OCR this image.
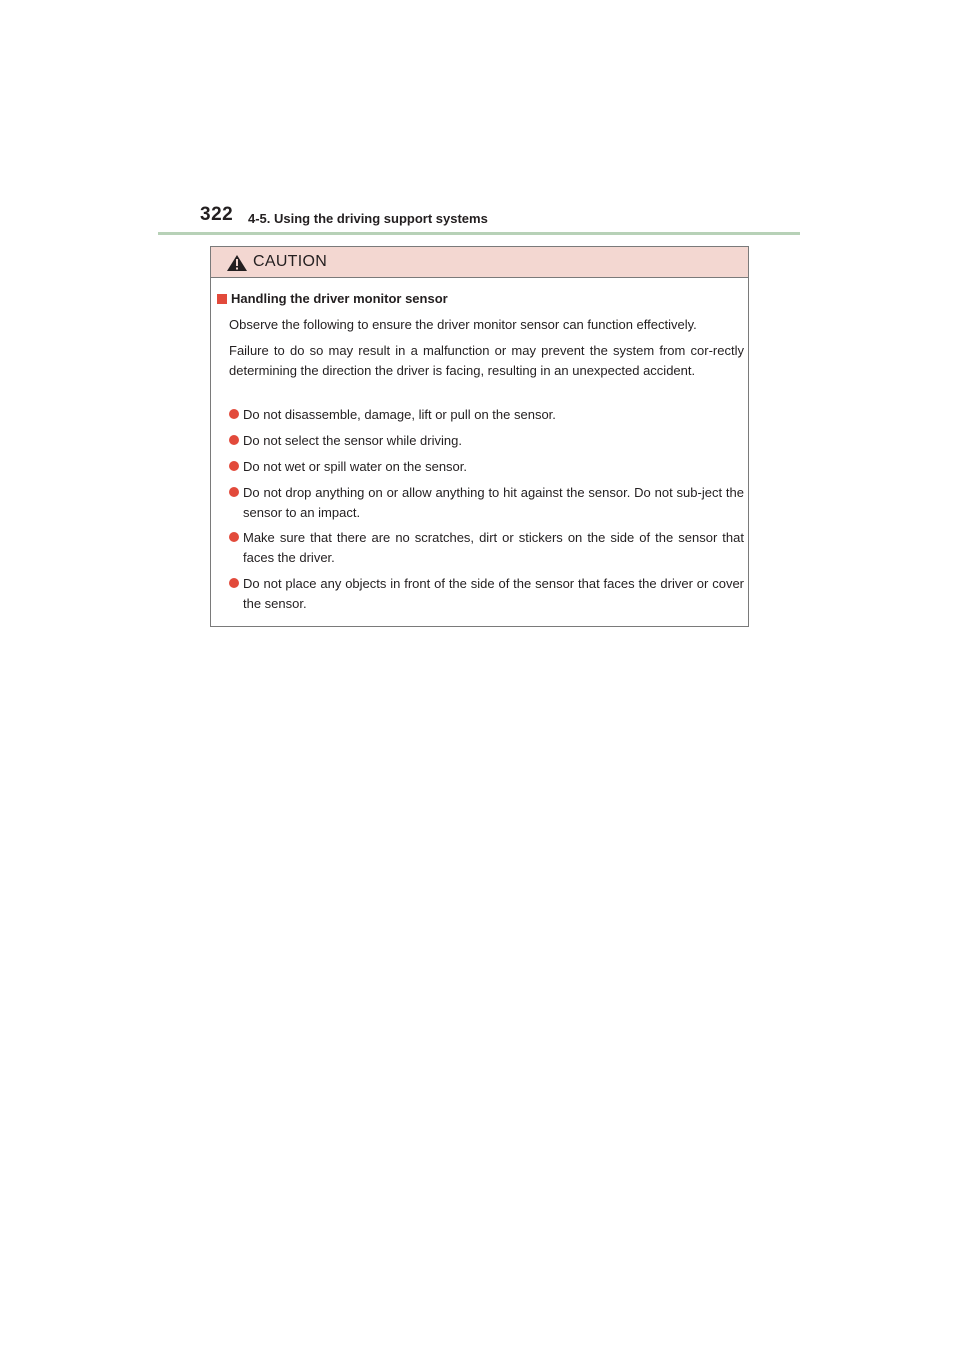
322 4-5. Using the driving support systems
CAUTION
Handling the driver monitor sensor
Observe the following to ensure the driver monitor sensor can function effectively.
Failure to do so may result in a malfunction or may prevent the system from cor-rectly determining the direction the driver is facing, resulting in an unexpected accident.
Do not disassemble, damage, lift or pull on the sensor.
Do not select the sensor while driving.
Do not wet or spill water on the sensor.
Do not drop anything on or allow anything to hit against the sensor. Do not sub-ject the sensor to an impact.
Make sure that there are no scratches, dirt or stickers on the side of the sensor that faces the driver.
Do not place any objects in front of the side of the sensor that faces the driver or cover the sensor.
